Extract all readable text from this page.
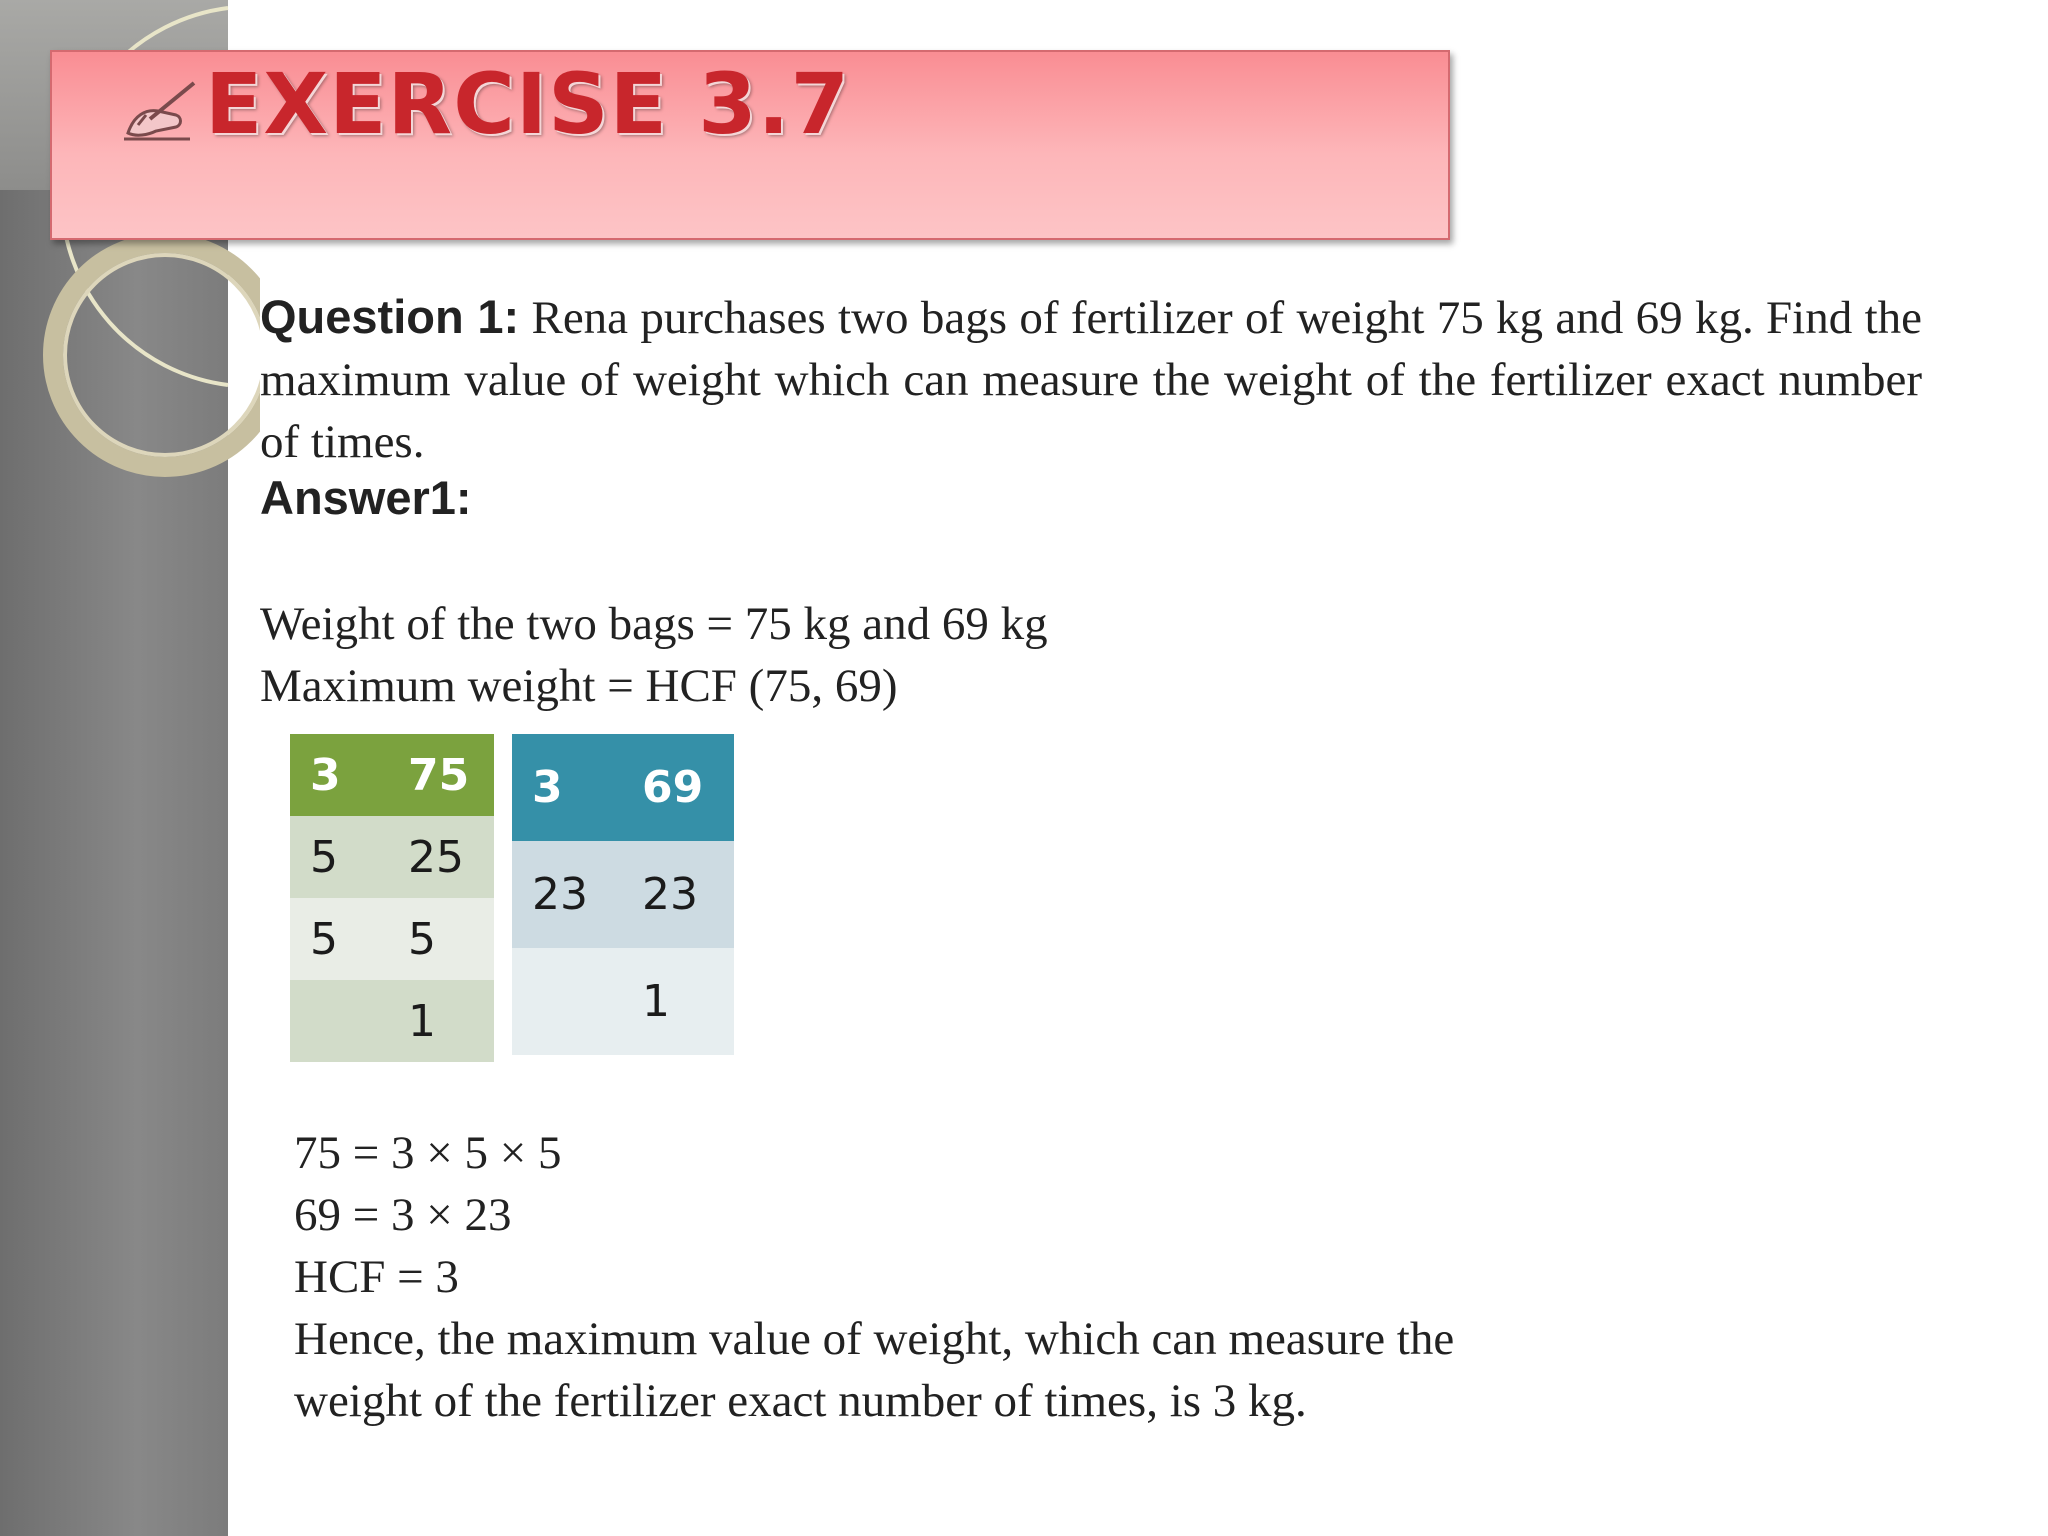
EXERCISE 3.7
Question 1: Rena purchases two bags of fertilizer of weight 75 kg and 69 kg. Find the maximum value of weight which can measure the weight of the fertilizer exact number of times.
Answer1:
Weight of the two bags = 75 kg and 69 kg
Maximum weight = HCF (75, 69)
3	75
5	25
5	5
	1
3	69
23	23
	1
75 = 3 × 5 × 5
69 = 3 × 23
HCF = 3
Hence, the maximum value of weight, which can measure the
weight of the fertilizer exact number of times, is 3 kg.
